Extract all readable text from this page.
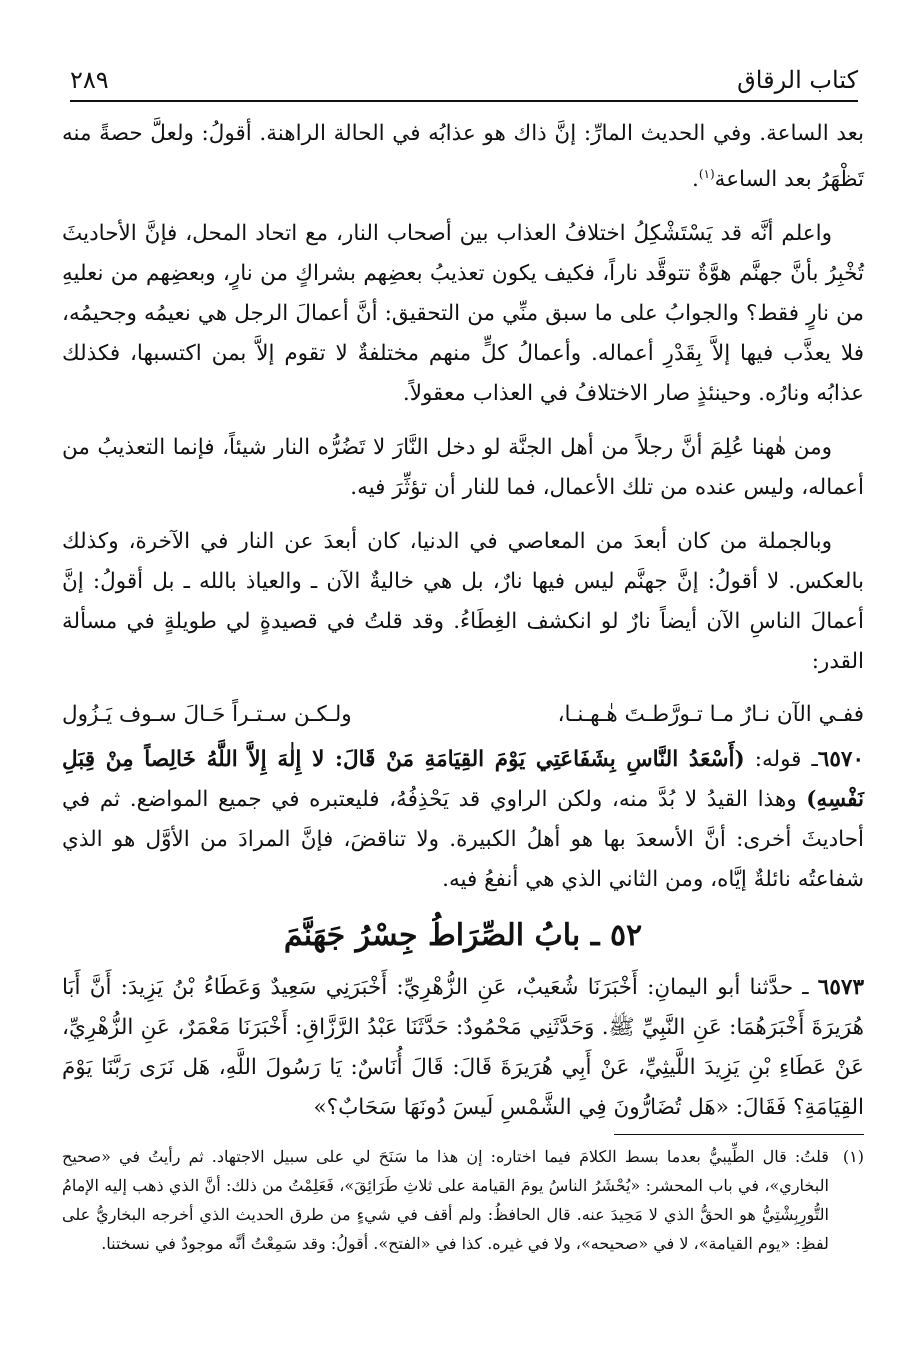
كتاب الرقاق
٢٨٩

بعد الساعة. وفي الحديث المارِّ: إنَّ ذاك هو عذابُه في الحالة الراهنة. أقولُ: ولعلَّ حصةً منه تَظْهَرُ بعد الساعة$^{(١)}$.

واعلم أنَّه قد يَسْتَشْكِلُ اختلافُ العذاب بين أصحاب النار، مع اتحاد المحل، فإنَّ الأحاديثَ تُخْبِرُ بأنَّ جهنَّم هوَّةٌ تتوقَّد ناراً، فكيف يكون تعذيبُ بعضِهم بشراكٍ من نارٍ، وبعضِهم من نعليهِ من نارٍ فقط؟ والجوابُ على ما سبق منِّي من التحقيق: أنَّ أعمالَ الرجل هي نعيمُه وجحيمُه، فلا يعذَّب فيها إلاَّ بِقَدْرِ أعماله. وأعمالُ كلٍّ منهم مختلفةٌ لا تقوم إلاَّ بمن اكتسبها، فكذلك عذابُه ونارُه. وحينئذٍ صار الاختلافُ في العذاب معقولاً.

ومن هٰهنا عُلِمَ أنَّ رجلاً من أهل الجنَّة لو دخل النَّارَ لا تَضُرُّه النار شيئاً، فإنما التعذيبُ من أعماله، وليس عنده من تلك الأعمال، فما للنار أن تؤثِّرَ فيه.

وبالجملة من كان أبعدَ من المعاصي في الدنيا، كان أبعدَ عن النار في الآخرة، وكذلك بالعكس. لا أقولُ: إنَّ جهنَّم ليس فيها نارٌ، بل هي خاليةٌ الآن ـ والعياذ بالله ـ بل أقولُ: إنَّ أعمالَ الناسِ الآن أيضاً نارٌ لو انكشف الغِطَاءُ. وقد قلتُ في قصيدةٍ لي طويلةٍ في مسألة القدر:

ففـي الآن نـارٌ مـا تـورَّطـتَ هٰـهـنـا،
ولـكـن سـتـراً حَـالَ سـوف يَـزُول

٦٥٧٠ـ قوله: (أَسْعَدُ النَّاسِ بِشَفَاعَتِي يَوْمَ القِيَامَةِ مَنْ قَالَ: لا إِلٰهَ إِلاَّ اللَّهُ خَالِصاً مِنْ قِبَلِ نَفْسِهِ) وهذا القيدُ لا بُدَّ منه، ولكن الراوي قد يَحْذِفُهُ، فليعتبره في جميع المواضع. ثم في أحاديثَ أخرى: أنَّ الأسعدَ بها هو أهلُ الكبيرة. ولا تناقضَ، فإنَّ المرادَ من الأوَّل هو الذي شفاعتُه نائلةٌ إيَّاه، ومن الثاني الذي هي أنفعُ فيه.

٥٢ ـ بابُ الصِّرَاطُ جِسْرُ جَهَنَّمَ

٦٥٧٣ ـ حدَّثنا أبو اليمانِ: أَخْبَرَنَا شُعَيبٌ، عَنِ الزُّهْرِيِّ: أَخْبَرَنِي سَعِيدٌ وَعَطَاءُ بْنُ يَزِيدَ: أَنَّ أَبَا هُرَيرَةَ أَخْبَرَهُمَا: عَنِ النَّبِيِّ ﷺ. وَحَدَّثَنِي مَحْمُودٌ: حَدَّثَنَا عَبْدُ الرَّزَّاقِ: أَخْبَرَنَا مَعْمَرٌ، عَنِ الزُّهْرِيِّ، عَنْ عَطَاءِ بْنِ يَزِيدَ اللَّيثِيِّ، عَنْ أَبِي هُرَيرَةَ قَالَ: قَالَ أُنَاسٌ: يَا رَسُولَ اللَّهِ، هَل نَرَى رَبَّنَا يَوْمَ القِيَامَةِ؟ فَقَالَ: «هَل تُضَارُّونَ فِي الشَّمْسِ لَيسَ دُونَهَا سَحَابٌ؟»

(١)
قلتُ: قال الطِّيبيُّ بعدما بسط الكلامَ فيما اختاره: إن هذا ما سَنَحَ لي على سبيل الاجتهاد. ثم رأيتُ في «صحيح البخاري»، في باب المحشر: «يُحْشَرُ الناسُ يومَ القيامة على ثلاثِ طَرَائِقَ»، فَعَلِمْتُ من ذلك: أنَّ الذي ذهب إليه الإمامُ التُّورِبِشْتِيُّ هو الحقُّ الذي لا مَحِيدَ عنه. قال الحافظُ: ولم أقف في شيءٍ من طرق الحديث الذي أخرجه البخاريُّ على لفظِ: «يوم القيامة»، لا في «صحيحه»، ولا في غيره. كذا في «الفتح». أقولُ: وقد سَمِعْتُ أنَّه موجودٌ في نسختنا.
